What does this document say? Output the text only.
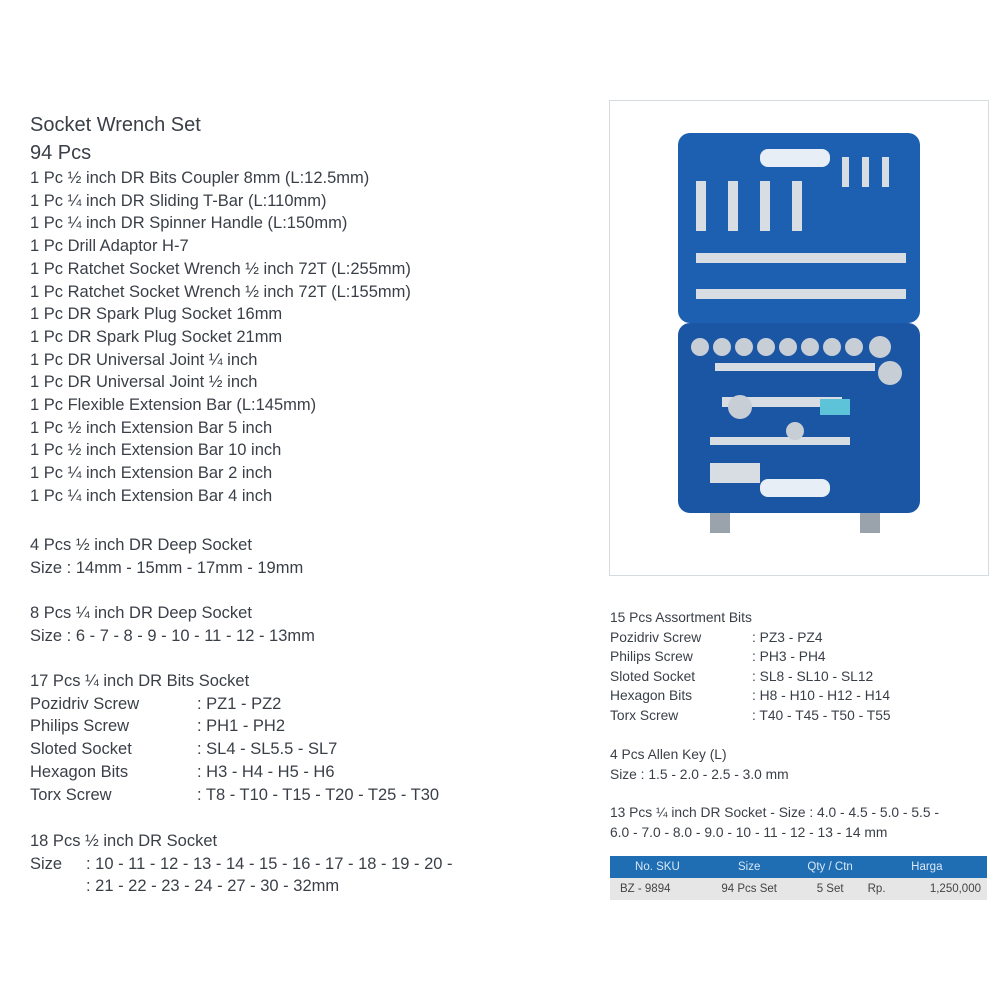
Socket Wrench Set
94 Pcs
1 Pc ½ inch DR Bits Coupler 8mm (L:12.5mm)
1 Pc ¼ inch DR Sliding T-Bar (L:110mm)
1 Pc ¼ inch DR Spinner Handle (L:150mm)
1 Pc Drill Adaptor H-7
1 Pc Ratchet Socket Wrench ½ inch 72T (L:255mm)
1 Pc Ratchet Socket Wrench ½ inch 72T (L:155mm)
1 Pc DR Spark Plug Socket 16mm
1 Pc DR Spark Plug Socket 21mm
1 Pc DR Universal Joint ¼ inch
1 Pc DR Universal Joint ½ inch
1 Pc Flexible Extension Bar (L:145mm)
1 Pc ½ inch Extension Bar 5 inch
1 Pc ½ inch Extension Bar 10 inch
1 Pc ¼ inch Extension Bar 2 inch
1 Pc ¼ inch Extension Bar 4 inch
4 Pcs ½ inch DR Deep Socket
Size : 14mm - 15mm - 17mm - 19mm
8 Pcs ¼ inch DR Deep Socket
Size : 6 - 7 - 8 - 9 - 10 - 11 - 12 - 13mm
17 Pcs ¼ inch DR Bits Socket
Pozidriv Screw	: PZ1 - PZ2
Philips Screw	: PH1 - PH2
Sloted Socket	: SL4 - SL5.5 - SL7
Hexagon Bits	: H3 - H4 - H5 - H6
Torx Screw	: T8 - T10 - T15 - T20 - T25 - T30
18 Pcs ½ inch DR Socket
Size	: 10 - 11 - 12 - 13 - 14 - 15 - 16 - 17 - 18 - 19 - 20 -
: 21 - 22 - 23 - 24 - 27 - 30 - 32mm
15 Pcs Assortment Bits
Pozidriv Screw	: PZ3 - PZ4
Philips Screw	: PH3 - PH4
Sloted Socket	: SL8 - SL10 - SL12
Hexagon Bits	: H8 - H10 - H12 - H14
Torx Screw	: T40 - T45 - T50 - T55
4 Pcs Allen Key (L)
Size : 1.5 - 2.0 - 2.5 - 3.0 mm
13 Pcs ¼ inch DR Socket - Size : 4.0 - 4.5 - 5.0 - 5.5 -
6.0 - 7.0 - 8.0 - 9.0 - 10 - 11 - 12 - 13 - 14 mm
No. SKU	Size	Qty / Ctn	Harga	
BZ - 9894	94 Pcs Set	5 Set	Rp.	1,250,000
